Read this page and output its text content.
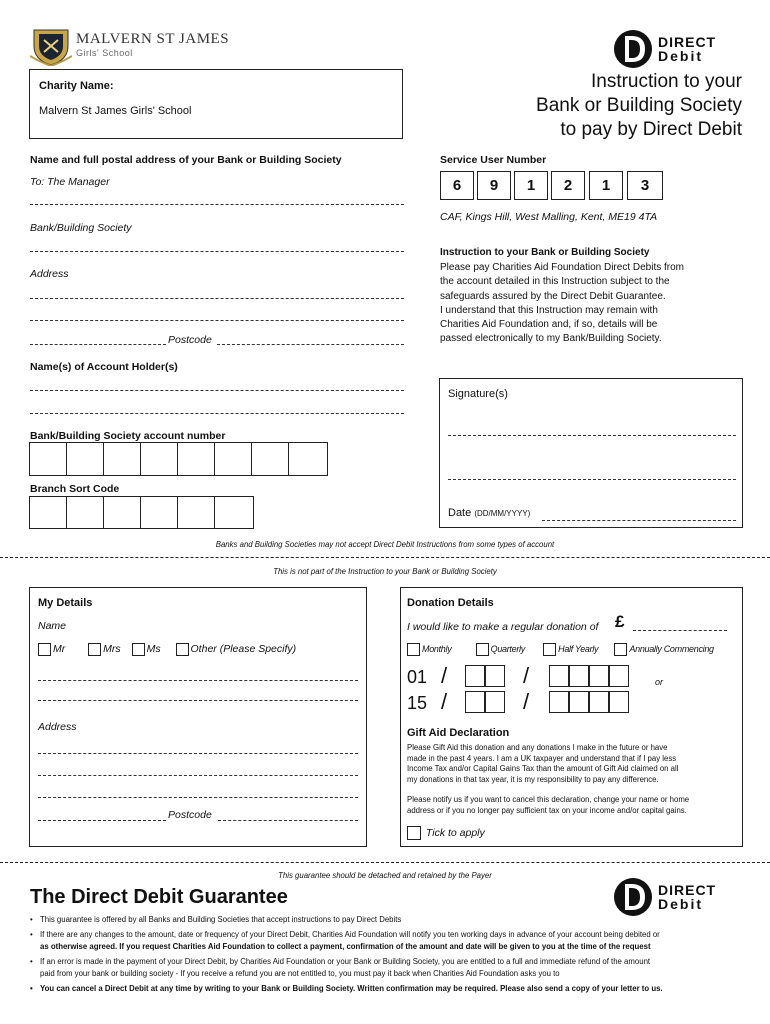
MALVERN ST JAMES
Girls' School
DIRECT
Debit
Charity Name:
Malvern St James Girls' School
Instruction to your
Bank or Building Society
to pay by Direct Debit
Name and full postal address of your Bank or Building Society
To: The Manager
Bank/Building Society
Address
Postcode
Name(s) of Account Holder(s)
Bank/Building Society account number
Branch Sort Code
Service User Number
6	9	1	2	1	3
CAF, Kings Hill, West Malling, Kent, ME19 4TA
Instruction to your Bank or Building Society
Please pay Charities Aid Foundation Direct Debits from
the account detailed in this Instruction subject to the
safeguards assured by the Direct Debit Guarantee.
I understand that this Instruction may remain with
Charities Aid Foundation and, if so, details will be
passed electronically to my Bank/Building Society.
Signature(s)
Date (DD/MM/YYYY)
Banks and Building Societies may not accept Direct Debit Instructions from some types of account
This is not part of the Instruction to your Bank or Building Society
My Details
Name
Mr	Mrs Ms	Other (Please Specify)
Address
Postcode
Donation Details
I would like to make a regular donation of £
Monthly	Quarterly	Half Yearly	Annually Commencing
01 /	/	or
15 /	/
Gift Aid Declaration
Please Gift Aid this donation and any donations I make in the future or have
made in the past 4 years. I am a UK taxpayer and understand that if I pay less
Income Tax and/or Capital Gains Tax than the amount of Gift Aid claimed on all
my donations in that tax year, it is my responsibility to pay any difference.
Please notify us if you want to cancel this declaration, change your name or home
address or if you no longer pay sufficient tax on your income and/or capital gains.
Tick to apply
This guarantee should be detached and retained by the Payer
The Direct Debit Guarantee	DIRECT
Debit
• This guarantee is offered by all Banks and Building Societies that accept instructions to pay Direct Debits
• If there are any changes to the amount, date or frequency of your Direct Debit, Charities Aid Foundation will notify you ten working days in advance of your account being debited or
as otherwise agreed. If you request Charities Aid Foundation to collect a payment, confirmation of the amount and date will be given to you at the time of the request
• If an error is made in the payment of your Direct Debit, by Charities Aid Foundation or your Bank or Building Society, you are entitled to a full and immediate refund of the amount
paid from your bank or building society - If you receive a refund you are not entitled to, you must pay it back when Charities Aid Foundation asks you to
• You can cancel a Direct Debit at any time by writing to your Bank or Building Society. Written confirmation may be required. Please also send a copy of your letter to us.
